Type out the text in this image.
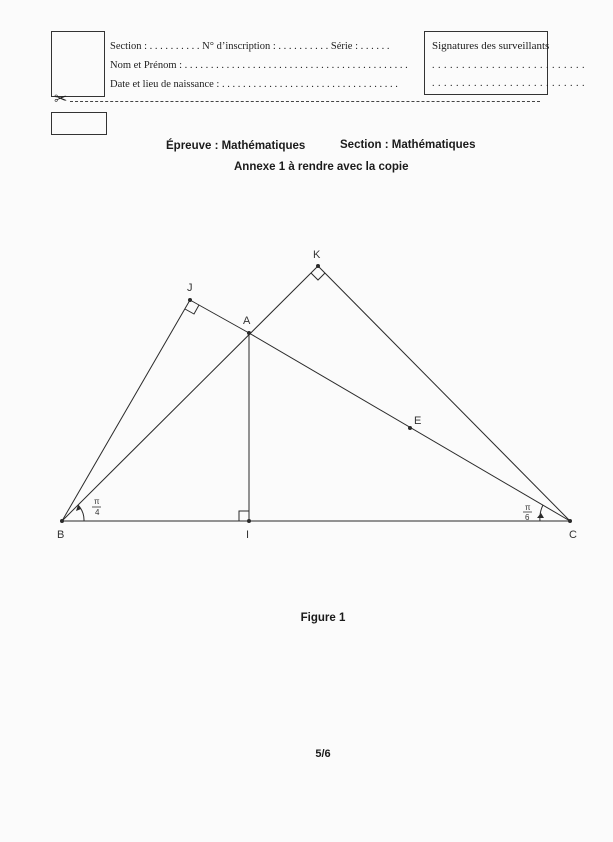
Section : . . . . . . . . . . N° d’inscription : . . . . . . . . . . Série : . . . . . .
Nom et Prénom : . . . . . . . . . . . . . . . . . . . . . . . . . . . . . . . . . . . . . . . . . . .
Date et lieu de naissance : . . . . . . . . . . . . . . . . . . . . . . . . . . . . . . . . . .
Signatures des surveillants
. . . . . . . . . . . . . . . . . . . . . . . . . .
. . . . . . . . . . . . . . . . . . . . . . . . . .
✂
Épreuve : Mathématiques	Section : Mathématiques
Annexe 1 à rendre avec la copie
A
B	C
I
J
K
E
π
4
π
6
Figure 1
5/6
